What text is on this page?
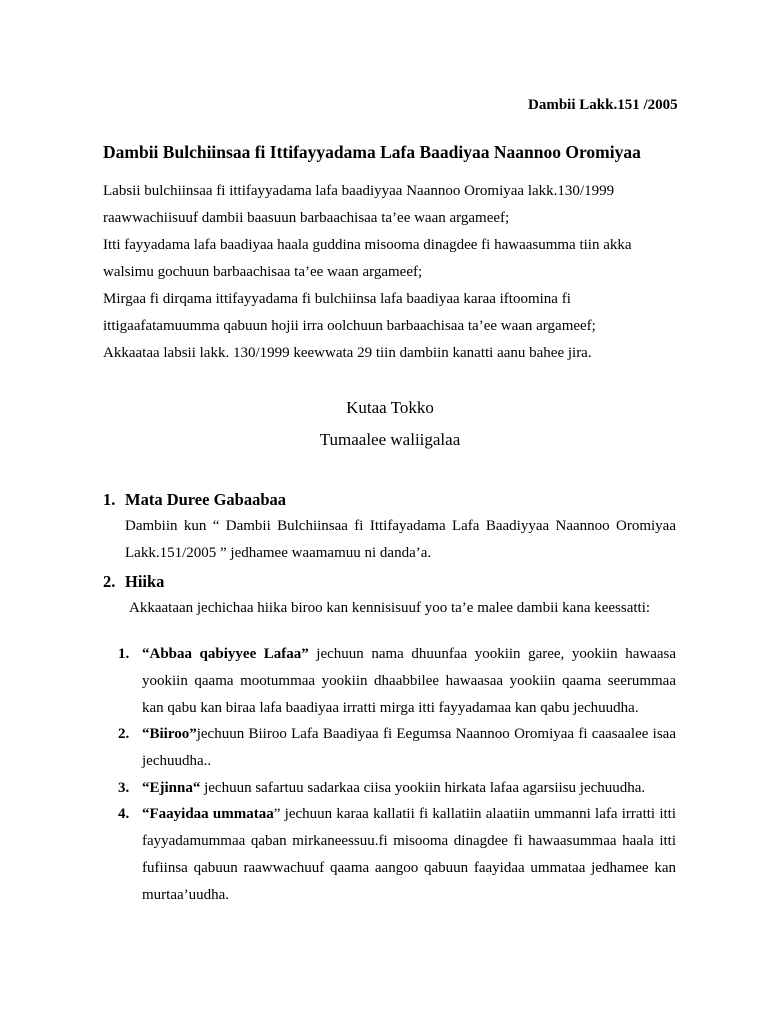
Dambii Lakk.151 /2005
Dambii Bulchiinsaa fi Ittifayyadama Lafa Baadiyaa Naannoo Oromiyaa
Labsii bulchiinsaa fi ittifayyadama lafa baadiyyaa Naannoo Oromiyaa lakk.130/1999
raawwachiisuuf dambii baasuun barbaachisaa ta’ee waan argameef;
Itti fayyadama lafa baadiyaa haala guddina misooma dinagdee fi hawaasumma tiin akka
walsimu gochuun barbaachisaa ta’ee waan argameef;
Mirgaa fi dirqama ittifayyadama fi bulchiinsa lafa baadiyaa karaa iftoomina fi
ittigaafatamuumma qabuun hojii irra oolchuun barbaachisaa ta’ee waan argameef;
Akkaataa labsii lakk. 130/1999 keewwata 29 tiin dambiin kanatti aanu bahee jira.
Kutaa Tokko
Tumaalee waliigalaa
1. Mata Duree Gabaabaa
Dambiin kun “ Dambii Bulchiinsaa fi Ittifayadama Lafa Baadiyyaa Naannoo Oromiyaa
Lakk.151/2005 ” jedhamee waamamuu ni danda’a.
2. Hiika
Akkaataan jechichaa hiika biroo kan kennisisuuf yoo ta’e malee dambii kana keessatti:
1. “Abbaa qabiyyee Lafaa” jechuun nama dhuunfaa yookiin garee, yookiin hawaasa
yookiin qaama mootummaa yookiin dhaabbilee hawaasaa yookiin qaama seerummaa
kan qabu kan biraa lafa baadiyaa irratti mirga itti fayyadamaa kan qabu jechuudha.
2. “Biiroo”jechuun Biiroo Lafa Baadiyaa fi Eegumsa Naannoo Oromiyaa fi caasaalee isaa
jechuudha..
3. “Ejinna“ jechuun safartuu sadarkaa ciisa yookiin hirkata lafaa agarsiisu jechuudha.
4. “Faayidaa ummataa” jechuun karaa kallatii fi kallatiin alaatiin ummanni lafa irratti itti
fayyadamummaa qaban mirkaneessuu.fi misooma dinagdee fi hawaasummaa haala itti
fufiinsa qabuun raawwachuuf qaama aangoo qabuun faayidaa ummataa jedhamee kan
murtaa’uudha.
